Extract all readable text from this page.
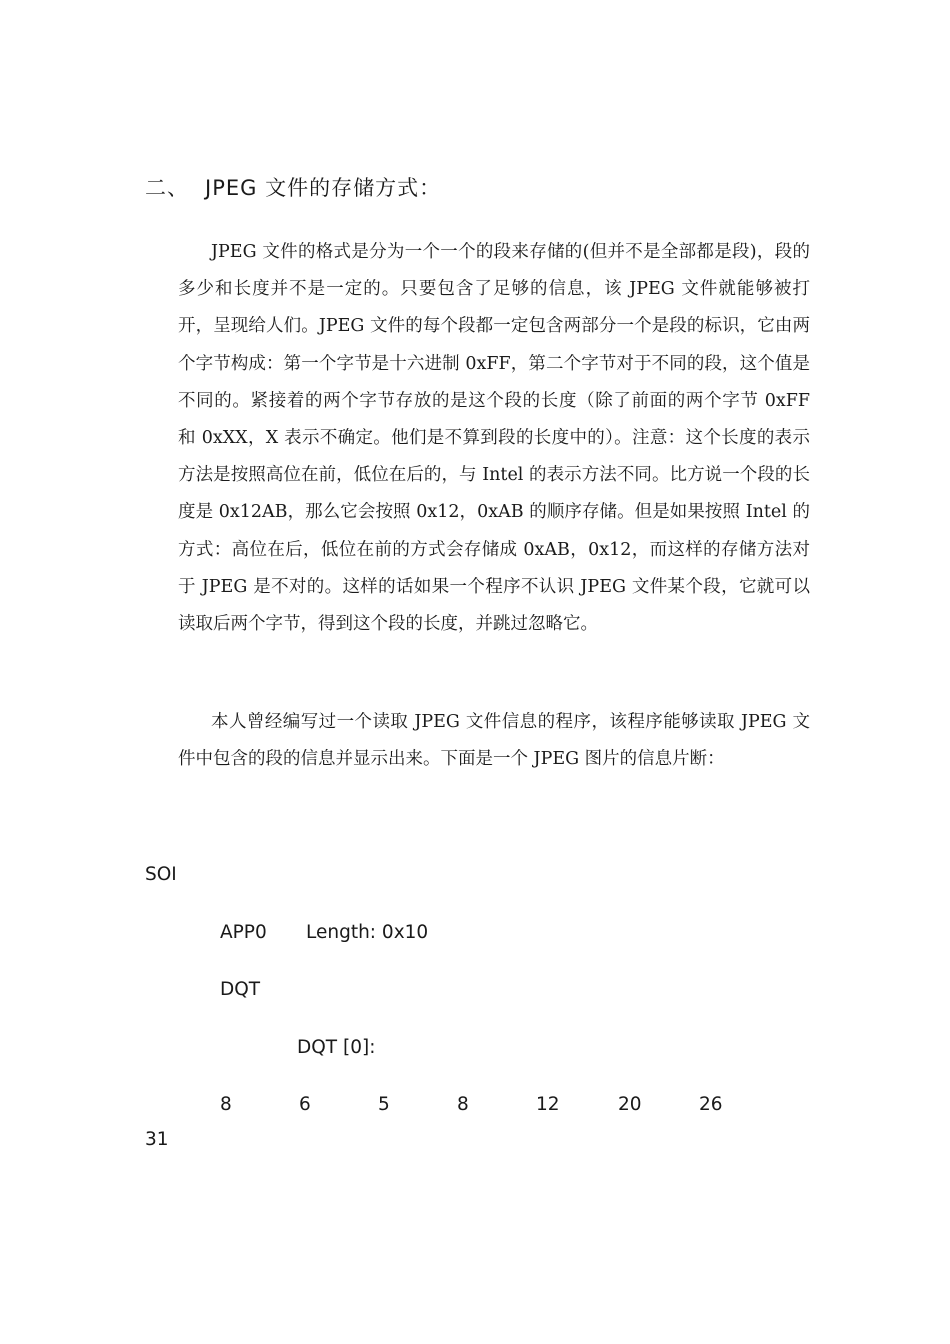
二、 JPEG 文件的存储方式：

JPEG 文件的格式是分为一个一个的段来存储的(但并不是全部都是段)，段的多少和长度并不是一定的。只要包含了足够的信息，该 JPEG 文件就能够被打开，呈现给人们。JPEG 文件的每个段都一定包含两部分一个是段的标识，它由两个字节构成：第一个字节是十六进制 0xFF，第二个字节对于不同的段，这个值是不同的。紧接着的两个字节存放的是这个段的长度（除了前面的两个字节 0xFF 和 0xXX，X 表示不确定。他们是不算到段的长度中的）。注意：这个长度的表示方法是按照高位在前，低位在后的，与 Intel 的表示方法不同。比方说一个段的长度是 0x12AB，那么它会按照 0x12，0xAB 的顺序存储。但是如果按照 Intel 的方式：高位在后，低位在前的方式会存储成 0xAB，0x12，而这样的存储方法对于 JPEG 是不对的。这样的话如果一个程序不认识 JPEG 文件某个段，它就可以读取后两个字节，得到这个段的长度，并跳过忽略它。

本人曾经编写过一个读取 JPEG 文件信息的程序，该程序能够读取 JPEG 文件中包含的段的信息并显示出来。下面是一个 JPEG 图片的信息片断：

SOI
APP0 Length: 0x10
DQT
DQT [0]:
8	6	5	8	12	20	26
31
